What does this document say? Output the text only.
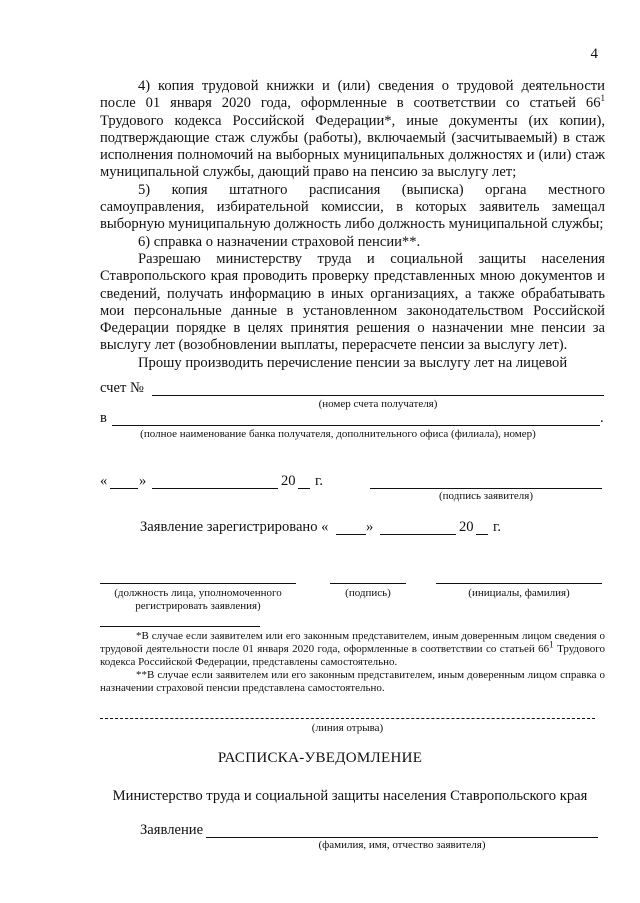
4

4) копия трудовой книжки и (или) сведения о трудовой деятельности после 01 января 2020 года, оформленные в соответствии со статьей $66^1$ Трудового кодекса Российской Федерации*, иные документы (их копии), подтверждающие стаж службы (работы), включаемый (засчитываемый) в стаж исполнения полномочий на выборных муниципальных должностях и (или) стаж муниципальной службы, дающий право на пенсию за выслугу лет;

5) копия штатного расписания (выписка) органа местного самоуправления, избирательной комиссии, в которых заявитель замещал выборную муниципальную должность либо должность муниципальной службы;

6) справка о назначении страховой пенсии**.

Разрешаю министерству труда и социальной защиты населения Ставропольского края проводить проверку представленных мною документов и сведений, получать информацию в иных организациях, а также обрабатывать мои персональные данные в установленном законодательством Российской Федерации порядке в целях принятия решения о назначении мне пенсии за выслугу лет (возобновлении выплаты, перерасчете пенсии за выслугу лет).

Прошу производить перечисление пенсии за выслугу лет на лицевой

счет №
(номер счета получателя)
в	.
(полное наименование банка получателя, дополнительного офиса (филиала), номер)
« »	20 г.
(подпись заявителя)
Заявление зарегистрировано «	»	20 г.
(должность лица, уполномоченного
регистрировать заявления)
(подпись)	(инициалы, фамилия)

*В случае если заявителем или его законным представителем, иным доверенным лицом сведения о трудовой деятельности после 01 января 2020 года, оформленные в соответствии со статьей $66^1$ Трудового кодекса Российской Федерации, представлены самостоятельно.

**В случае если заявителем или его законным представителем, иным доверенным лицом справка о назначении страховой пенсии представлена самостоятельно.

(линия отрыва)
РАСПИСКА-УВЕДОМЛЕНИЕ
Министерство труда и социальной защиты населения Ставропольского края
Заявление
(фамилия, имя, отчество заявителя)
